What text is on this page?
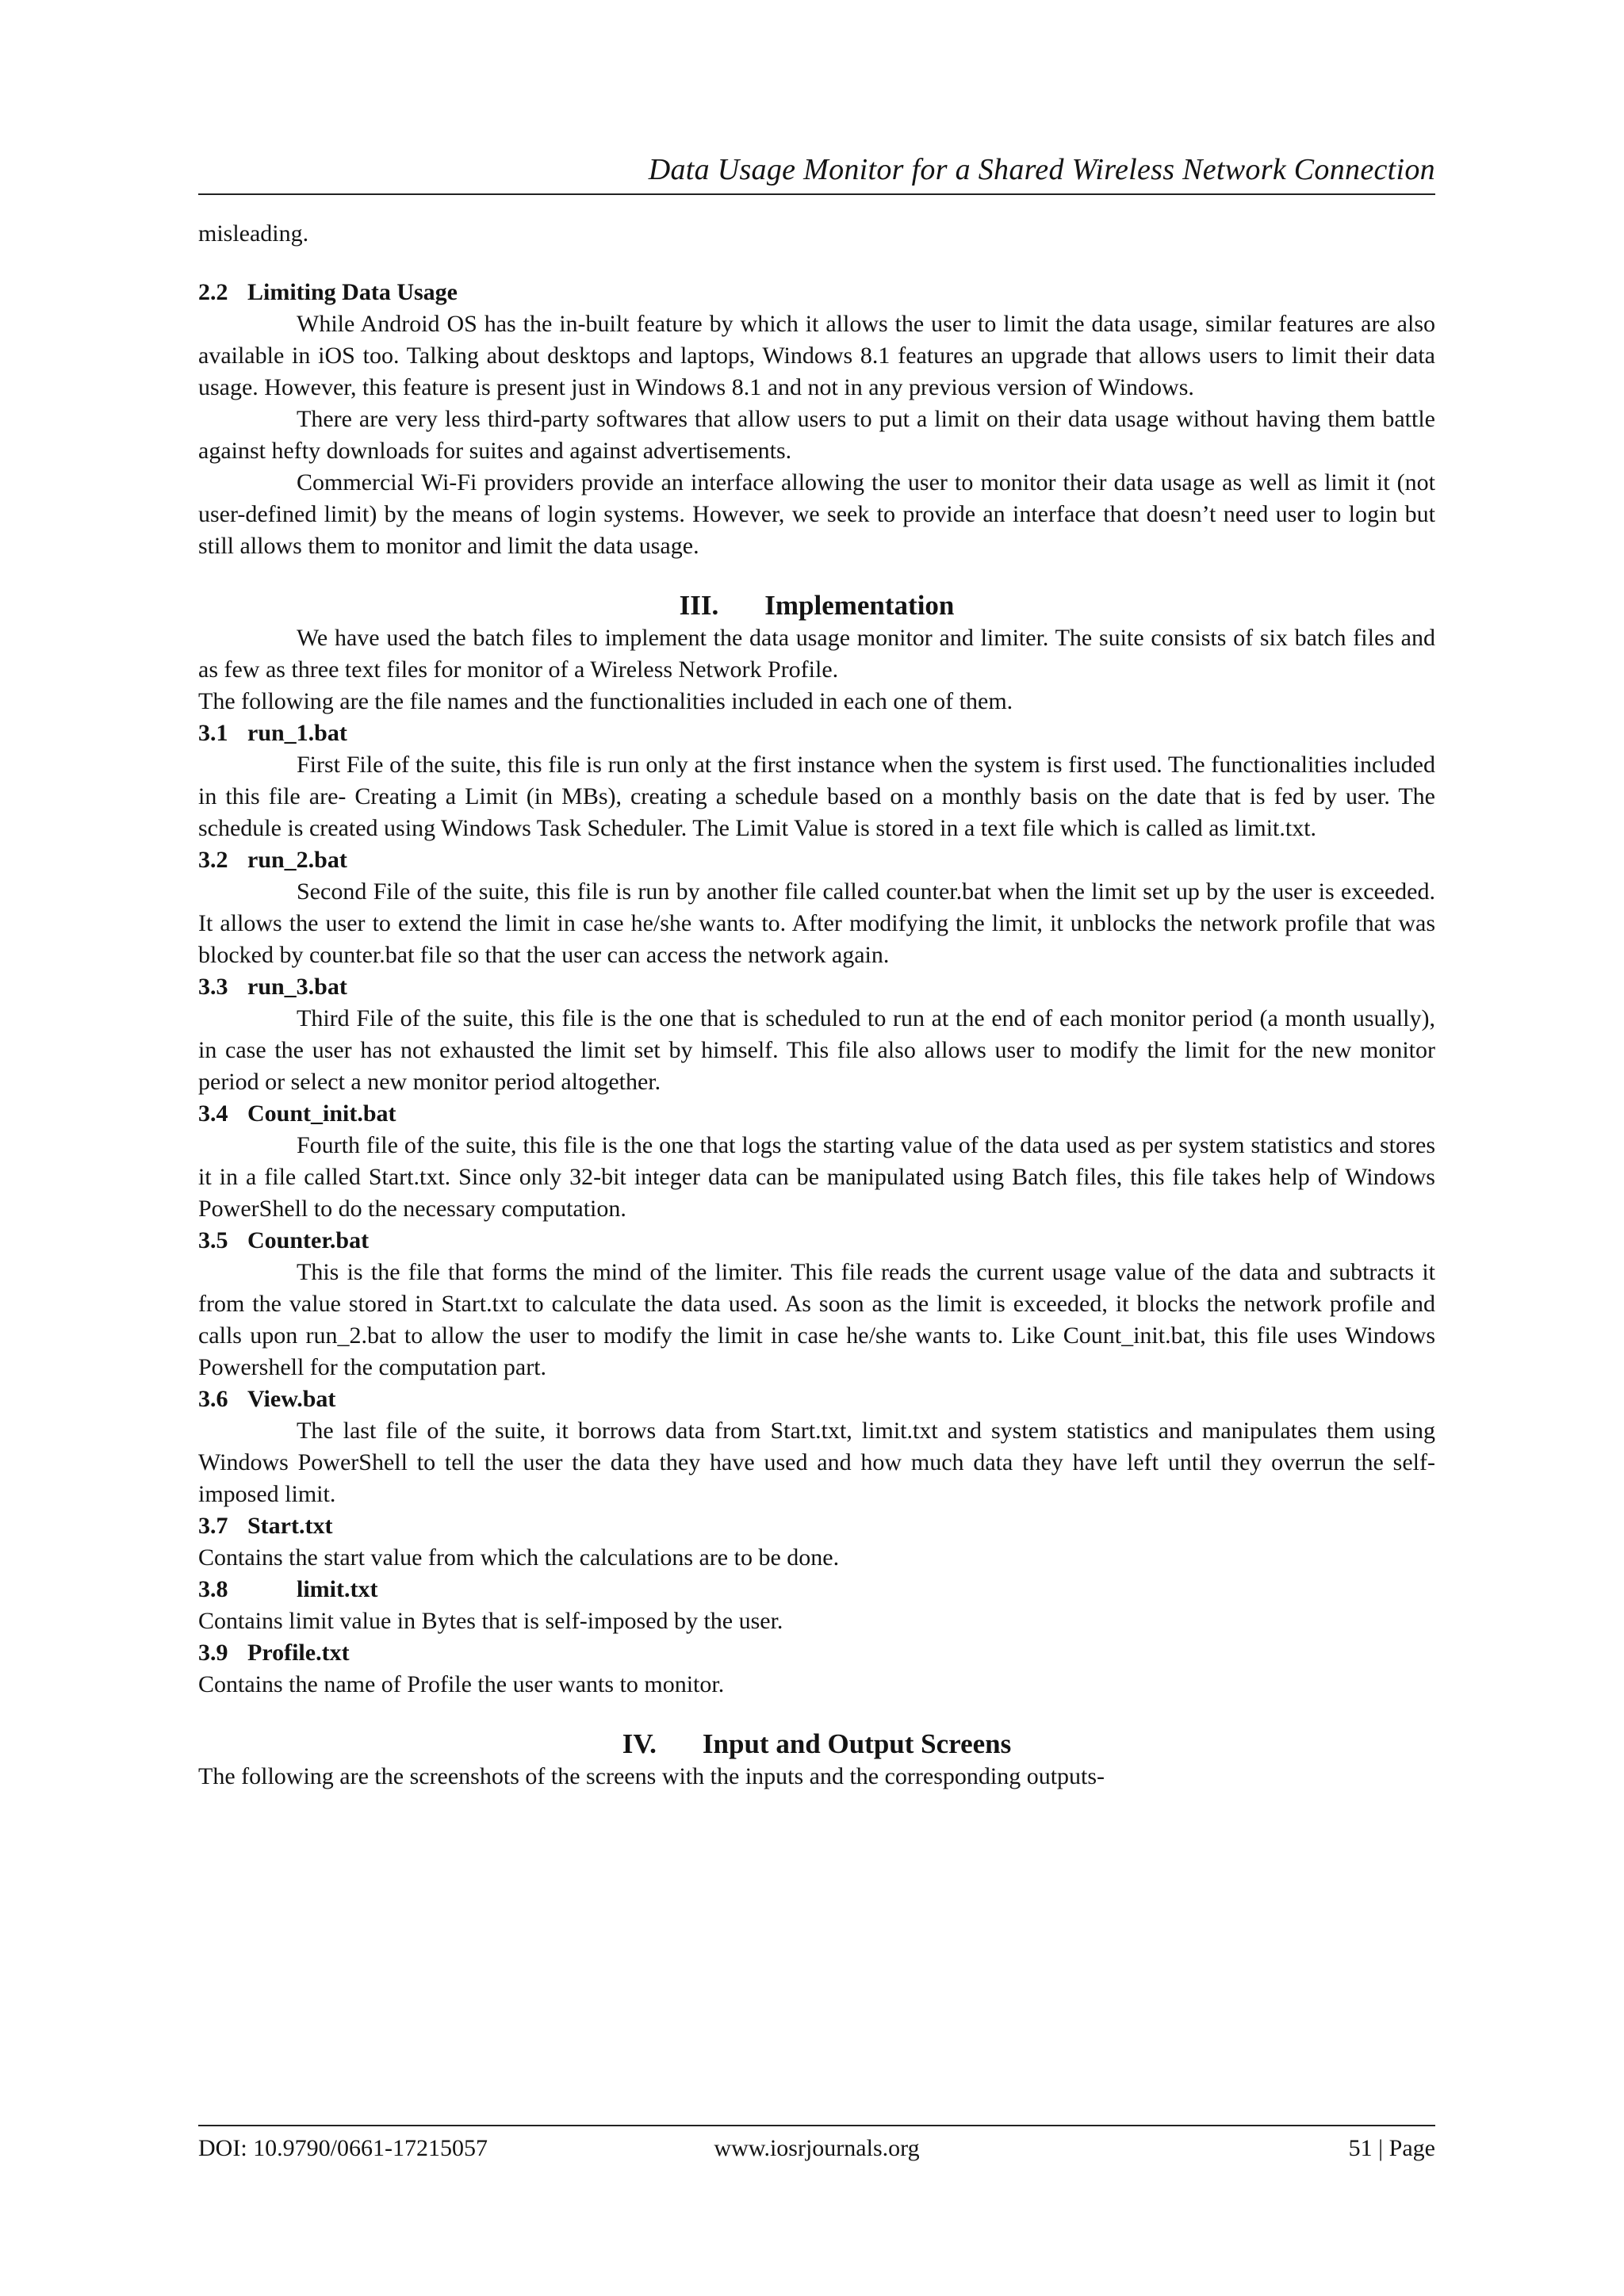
Data Usage Monitor for a Shared Wireless Network Connection

misleading.

2.2 Limiting Data Usage

While Android OS has the in-built feature by which it allows the user to limit the data usage, similar features are also available in iOS too. Talking about desktops and laptops, Windows 8.1 features an upgrade that allows users to limit their data usage. However, this feature is present just in Windows 8.1 and not in any previous version of Windows.

There are very less third-party softwares that allow users to put a limit on their data usage without having them battle against hefty downloads for suites and against advertisements.

Commercial Wi-Fi providers provide an interface allowing the user to monitor their data usage as well as limit it (not user-defined limit) by the means of login systems. However, we seek to provide an interface that doesn’t need user to login but still allows them to monitor and limit the data usage.

III. Implementation

We have used the batch files to implement the data usage monitor and limiter. The suite consists of six batch files and as few as three text files for monitor of a Wireless Network Profile.

The following are the file names and the functionalities included in each one of them.

3.1 run_1.bat

First File of the suite, this file is run only at the first instance when the system is first used. The functionalities included in this file are- Creating a Limit (in MBs), creating a schedule based on a monthly basis on the date that is fed by user. The schedule is created using Windows Task Scheduler. The Limit Value is stored in a text file which is called as limit.txt.

3.2 run_2.bat

Second File of the suite, this file is run by another file called counter.bat when the limit set up by the user is exceeded. It allows the user to extend the limit in case he/she wants to. After modifying the limit, it unblocks the network profile that was blocked by counter.bat file so that the user can access the network again.

3.3 run_3.bat

Third File of the suite, this file is the one that is scheduled to run at the end of each monitor period (a month usually), in case the user has not exhausted the limit set by himself. This file also allows user to modify the limit for the new monitor period or select a new monitor period altogether.

3.4 Count_init.bat

Fourth file of the suite, this file is the one that logs the starting value of the data used as per system statistics and stores it in a file called Start.txt. Since only 32-bit integer data can be manipulated using Batch files, this file takes help of Windows PowerShell to do the necessary computation.

3.5 Counter.bat

This is the file that forms the mind of the limiter. This file reads the current usage value of the data and subtracts it from the value stored in Start.txt to calculate the data used. As soon as the limit is exceeded, it blocks the network profile and calls upon run_2.bat to allow the user to modify the limit in case he/she wants to. Like Count_init.bat, this file uses Windows Powershell for the computation part.

3.6 View.bat

The last file of the suite, it borrows data from Start.txt, limit.txt and system statistics and manipulates them using Windows PowerShell to tell the user the data they have used and how much data they have left until they overrun the self-imposed limit.

3.7 Start.txt

Contains the start value from which the calculations are to be done.

3.8	limit.txt

Contains limit value in Bytes that is self-imposed by the user.

3.9 Profile.txt

Contains the name of Profile the user wants to monitor.

IV. Input and Output Screens

The following are the screenshots of the screens with the inputs and the corresponding outputs-

DOI: 10.9790/0661-17215057	www.iosrjournals.org	51 | Page
